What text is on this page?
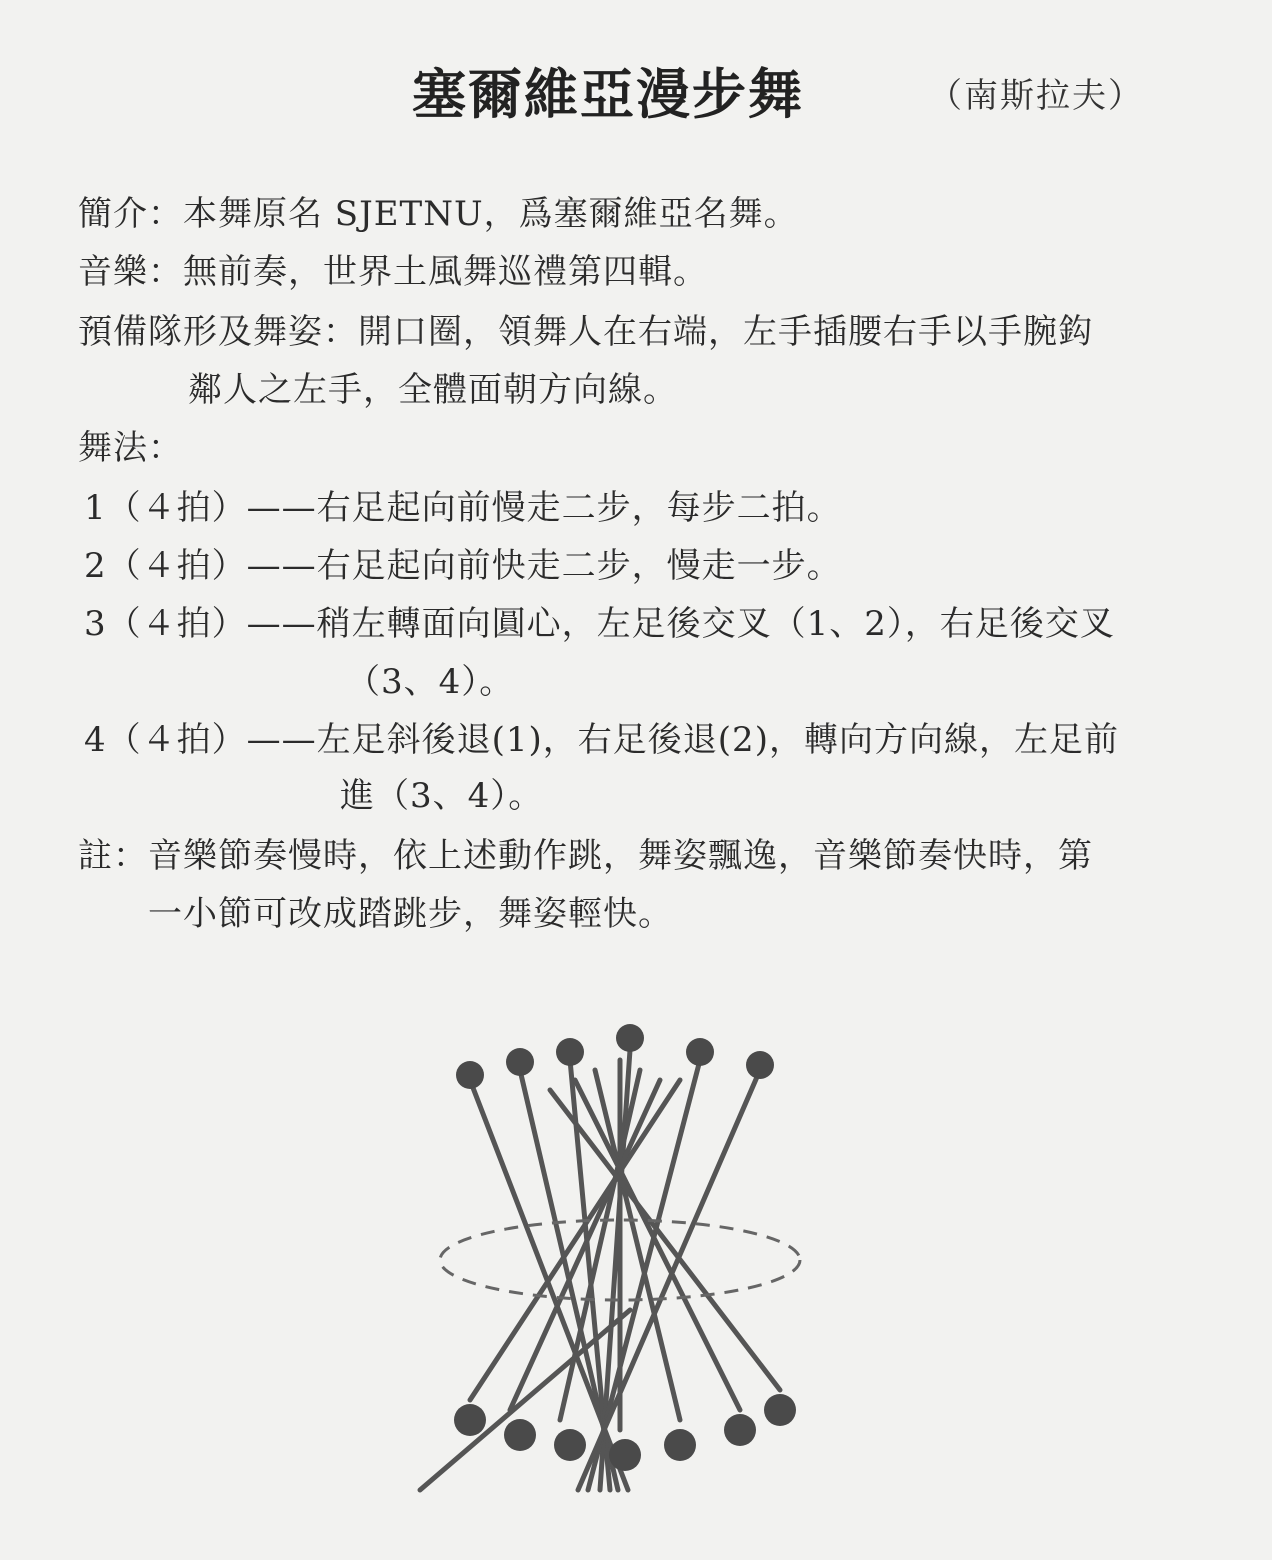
塞爾維亞漫步舞	（南斯拉夫）
簡介：本舞原名 SJETNU，爲塞爾維亞名舞。
音樂：無前奏，世界土風舞巡禮第四輯。
預備隊形及舞姿：開口圈，領舞人在右端，左手插腰右手以手腕鈎
鄰人之左手，全體面朝方向線。
舞法：
1（４拍）——右足起向前慢走二步，每步二拍。
2（４拍）——右足起向前快走二步，慢走一步。
3（４拍）——稍左轉面向圓心，左足後交叉（1、2），右足後交叉
（3、4）。
4（４拍）——左足斜後退(1)，右足後退(2)，轉向方向線，左足前
進（3、4）。
註：音樂節奏慢時，依上述動作跳，舞姿飄逸，音樂節奏快時，第
一小節可改成踏跳步，舞姿輕快。
